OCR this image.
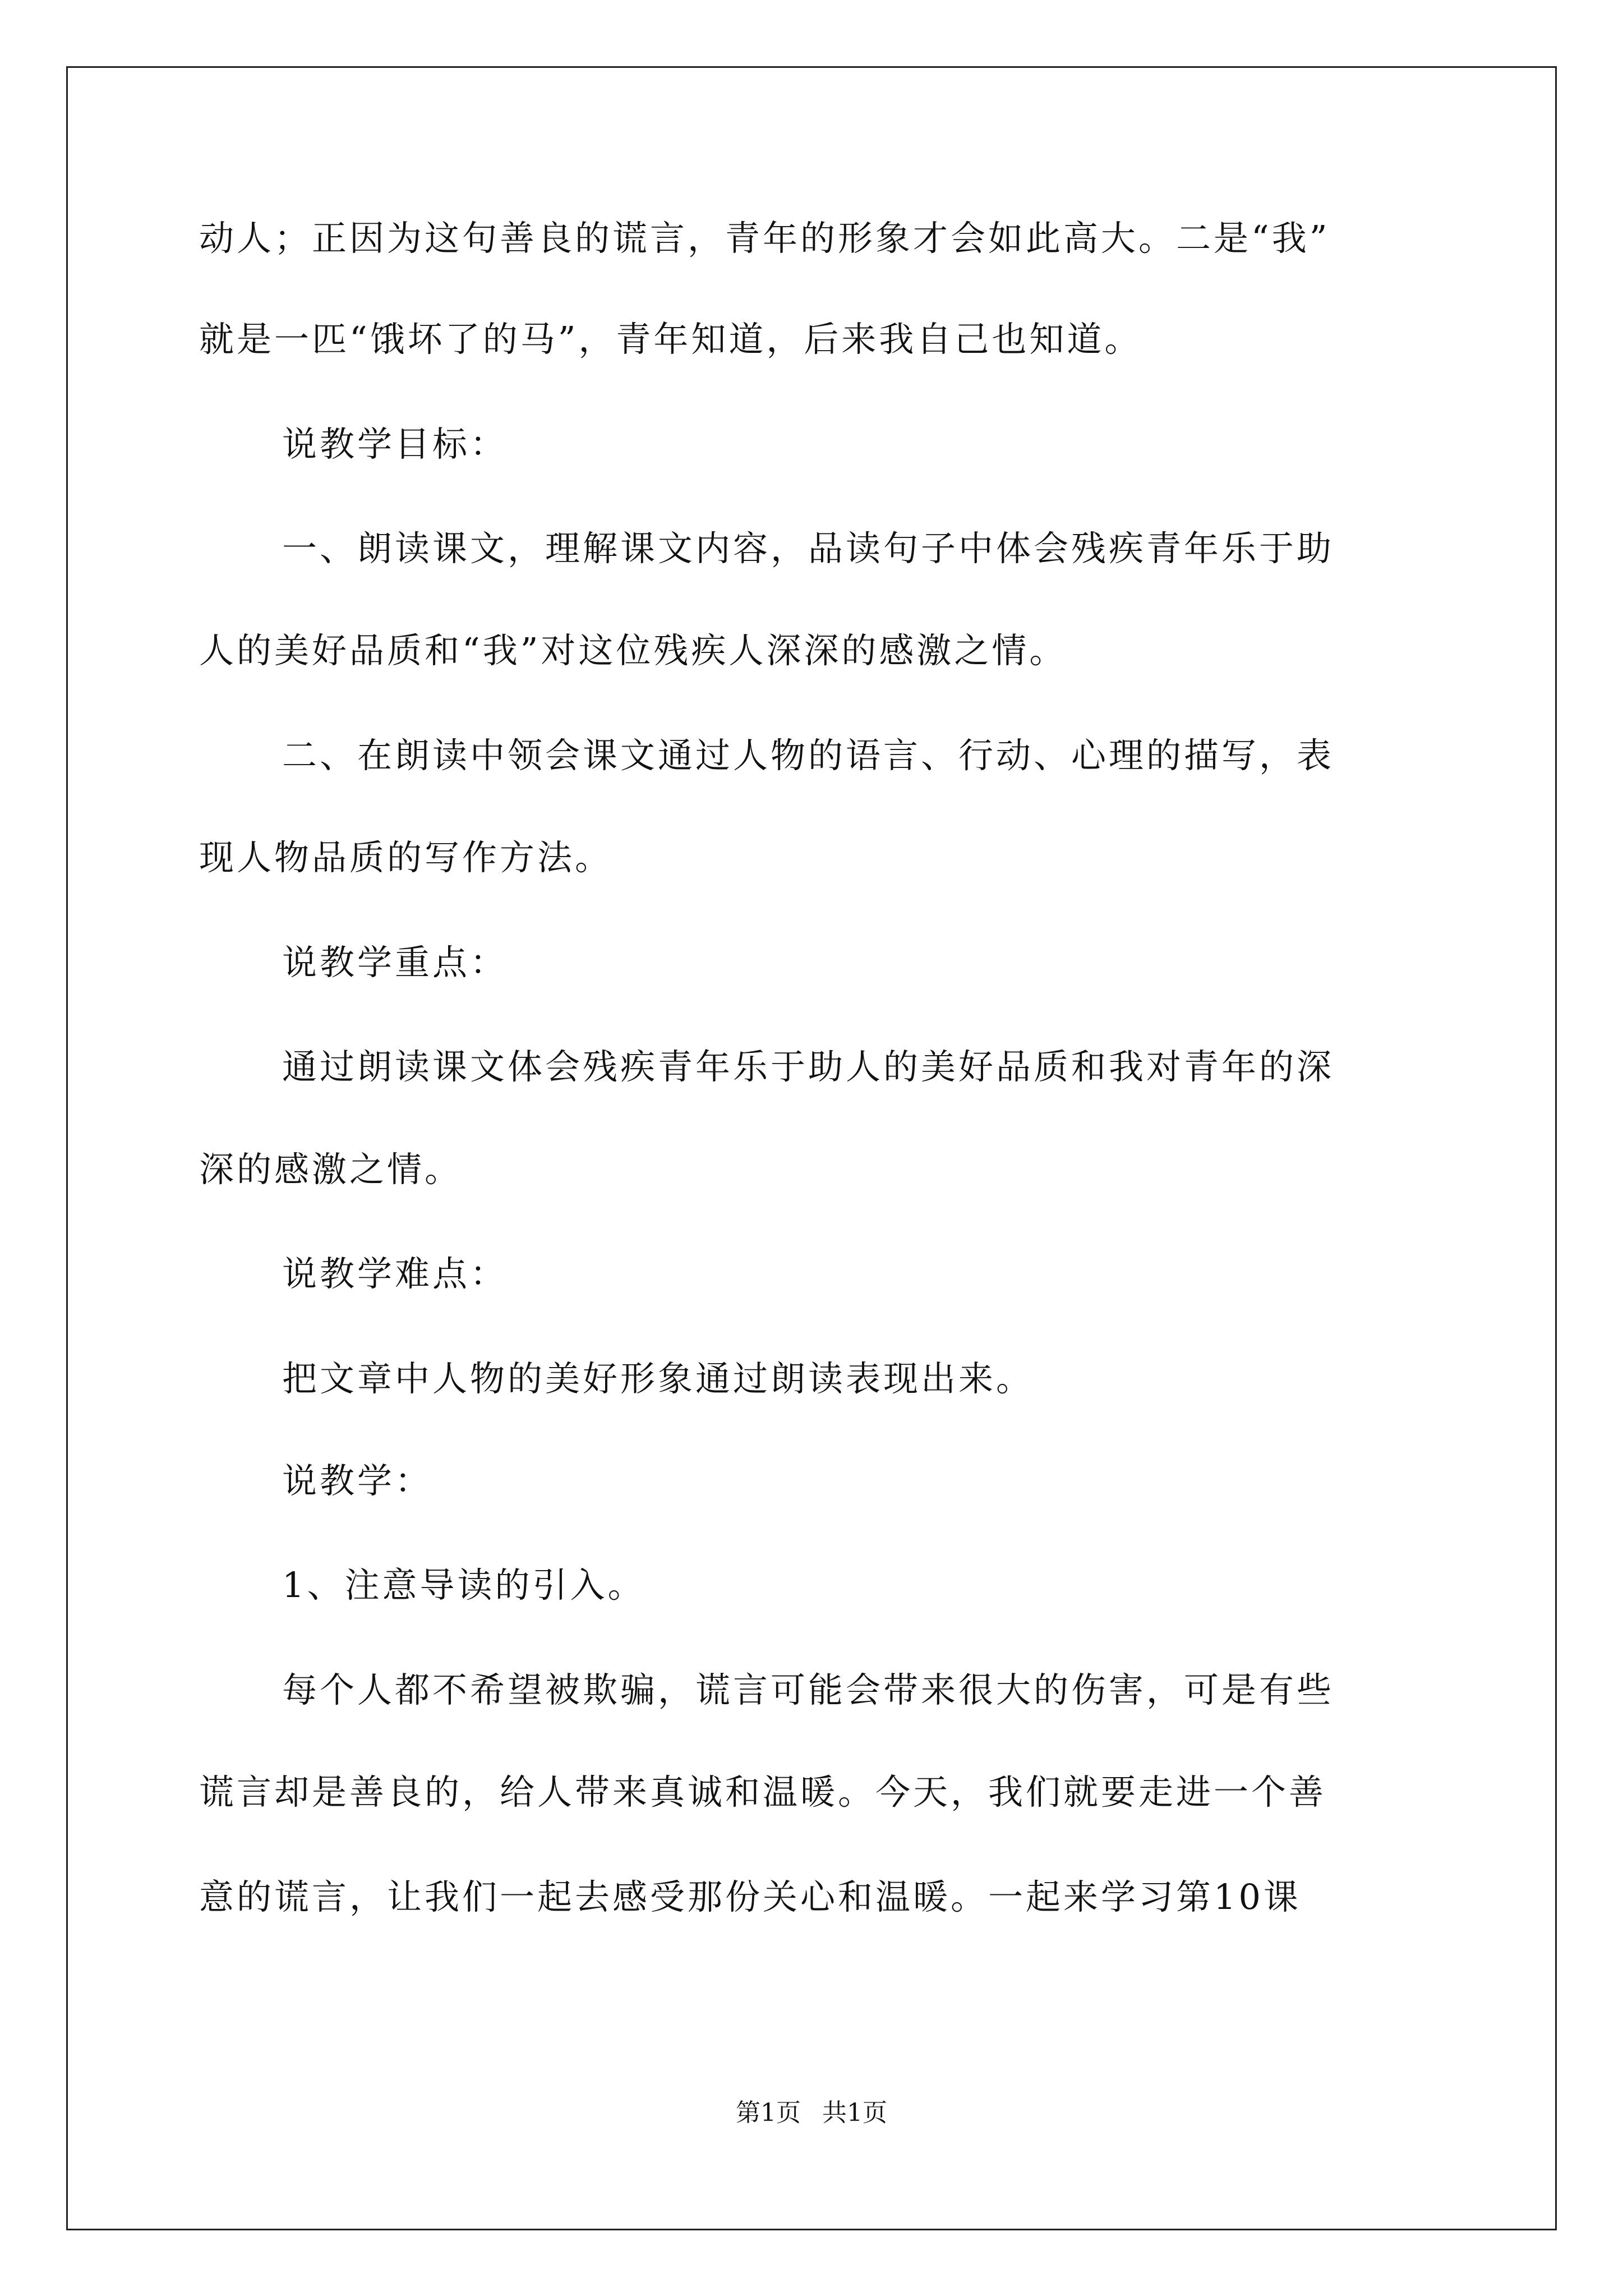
动人；正因为这句善良的谎言，青年的形象才会如此高大。二是“我”
就是一匹“饿坏了的马”，青年知道，后来我自己也知道。
说教学目标：
一、朗读课文，理解课文内容，品读句子中体会残疾青年乐于助
人的美好品质和“我”对这位残疾人深深的感激之情。
二、在朗读中领会课文通过人物的语言、行动、心理的描写，表
现人物品质的写作方法。
说教学重点：
通过朗读课文体会残疾青年乐于助人的美好品质和我对青年的深
深的感激之情。
说教学难点：
把文章中人物的美好形象通过朗读表现出来。
说教学：
1、注意导读的引入。
每个人都不希望被欺骗，谎言可能会带来很大的伤害，可是有些
谎言却是善良的，给人带来真诚和温暖。今天，我们就要走进一个善
意的谎言，让我们一起去感受那份关心和温暖。一起来学习第10课
第1页 共1页
